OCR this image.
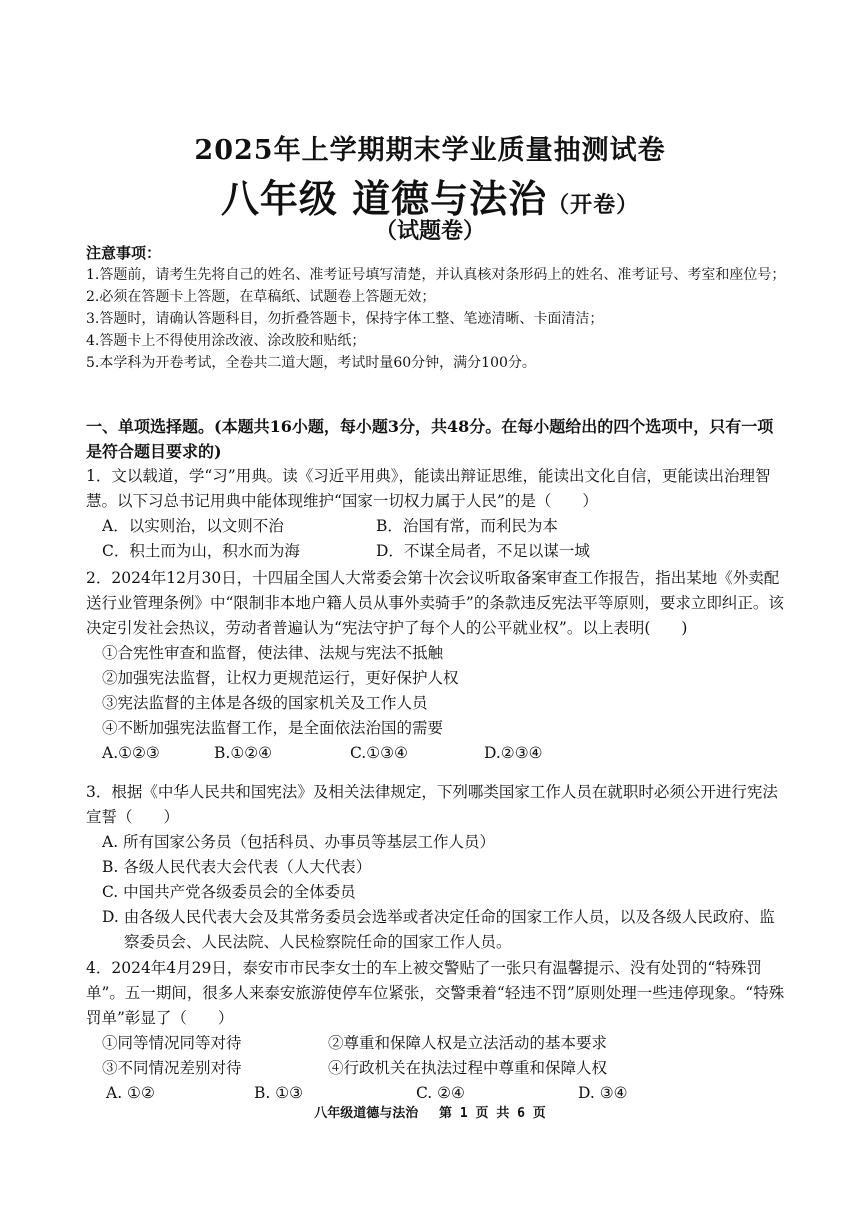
2025年上学期期末学业质量抽测试卷
八年级 道德与法治（开卷）
（试题卷）

注意事项：

1.答题前，请考生先将自己的姓名、准考证号填写清楚，并认真核对条形码上的姓名、准考证号、考室和座位号；

2.必须在答题卡上答题，在草稿纸、试题卷上答题无效；

3.答题时，请确认答题科目，勿折叠答题卡，保持字体工整、笔迹清晰、卡面清洁；

4.答题卡上不得使用涂改液、涂改胶和贴纸；

5.本学科为开卷考试，全卷共二道大题，考试时量60分钟，满分100分。

一、单项选择题。(本题共16小题，每小题3分，共48分。在每小题给出的四个选项中，只有一项是符合题目要求的)

1．文以载道，学“习”用典。读《习近平用典》，能读出辩证思维，能读出文化自信，更能读出治理智慧。以下习总书记用典中能体现维护“国家一切权力属于人民”的是（　　）

A．以实则治，以文则不治	B．治国有常，而利民为本
C．积土而为山，积水而为海	D．不谋全局者，不足以谋一域

2．2024年12月30日，十四届全国人大常委会第十次会议听取备案审查工作报告，指出某地《外卖配送行业管理条例》中“限制非本地户籍人员从事外卖骑手”的条款违反宪法平等原则，要求立即纠正。该决定引发社会热议，劳动者普遍认为“宪法守护了每个人的公平就业权”。以上表明(　　)

①合宪性审查和监督，使法律、法规与宪法不抵触

②加强宪法监督，让权力更规范运行，更好保护人权

③宪法监督的主体是各级的国家机关及工作人员

④不断加强宪法监督工作，是全面依法治国的需要

A.①②③	B.①②④	C.①③④	D.②③④

3．根据《中华人民共和国宪法》及相关法律规定，下列哪类国家工作人员在就职时必须公开进行宪法宣誓（　　）

A. 所有国家公务员（包括科员、办事员等基层工作人员）

B. 各级人民代表大会代表（人大代表）

C. 中国共产党各级委员会的全体委员

D. 由各级人民代表大会及其常务委员会选举或者决定任命的国家工作人员，以及各级人民政府、监察委员会、人民法院、人民检察院任命的国家工作人员。

4．2024年4月29日，泰安市市民李女士的车上被交警贴了一张只有温馨提示、没有处罚的“特殊罚单”。五一期间，很多人来泰安旅游使停车位紧张，交警秉着“轻违不罚”原则处理一些违停现象。“特殊罚单”彰显了（　　）

①同等情况同等对待	②尊重和保障人权是立法活动的基本要求
③不同情况差别对待	④行政机关在执法过程中尊重和保障人权
A. ①②	B. ①③	C. ②④	D. ③④
八年级道德与法治　 第 1 页 共 6 页
